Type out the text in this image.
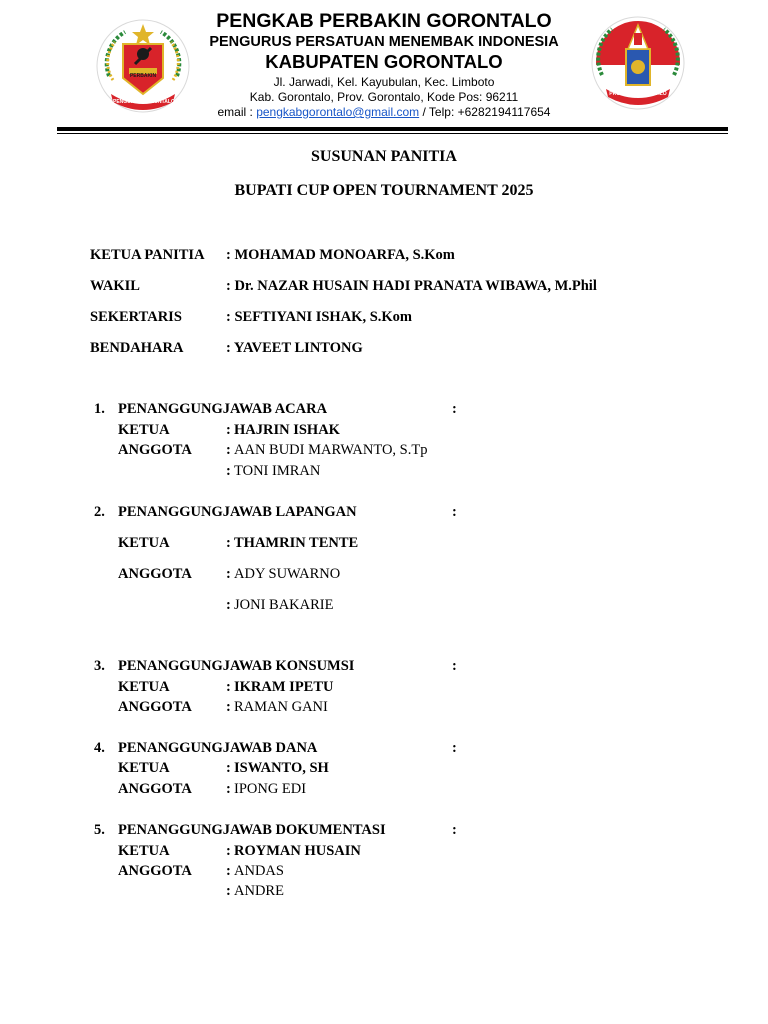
PERBAKIN
PENGURUS GORONTALO
PROVINSI GORONTALO
PENGKAB PERBAKIN GORONTALO
PENGURUS PERSATUAN MENEMBAK INDONESIA
KABUPATEN GORONTALO
Jl. Jarwadi, Kel. Kayubulan, Kec. Limboto
Kab. Gorontalo, Prov. Gorontalo, Kode Pos: 96211
email : pengkabgorontalo@gmail.com / Telp: +6282194117654
SUSUNAN PANITIA
BUPATI CUP OPEN TOURNAMENT 2025
KETUA PANITIA : MOHAMAD MONOARFA, S.Kom
WAKIL	: Dr. NAZAR HUSAIN HADI PRANATA WIBAWA, M.Phil
SEKERTARIS	: SEFTIYANI ISHAK, S.Kom
BENDAHARA	: YAVEET LINTONG
1. PENANGGUNGJAWAB ACARA	:
KETUA	: HAJRIN ISHAK
ANGGOTA : AAN BUDI MARWANTO, S.Tp
: TONI IMRAN
2. PENANGGUNGJAWAB LAPANGAN	:
KETUA	: THAMRIN TENTE
ANGGOTA : ADY SUWARNO
: JONI BAKARIE
3. PENANGGUNGJAWAB KONSUMSI	:
KETUA	: IKRAM IPETU
ANGGOTA : RAMAN GANI
4. PENANGGUNGJAWAB DANA	:
KETUA	: ISWANTO, SH
ANGGOTA : IPONG EDI
5. PENANGGUNGJAWAB DOKUMENTASI	:
KETUA	: ROYMAN HUSAIN
ANGGOTA : ANDAS
: ANDRE
